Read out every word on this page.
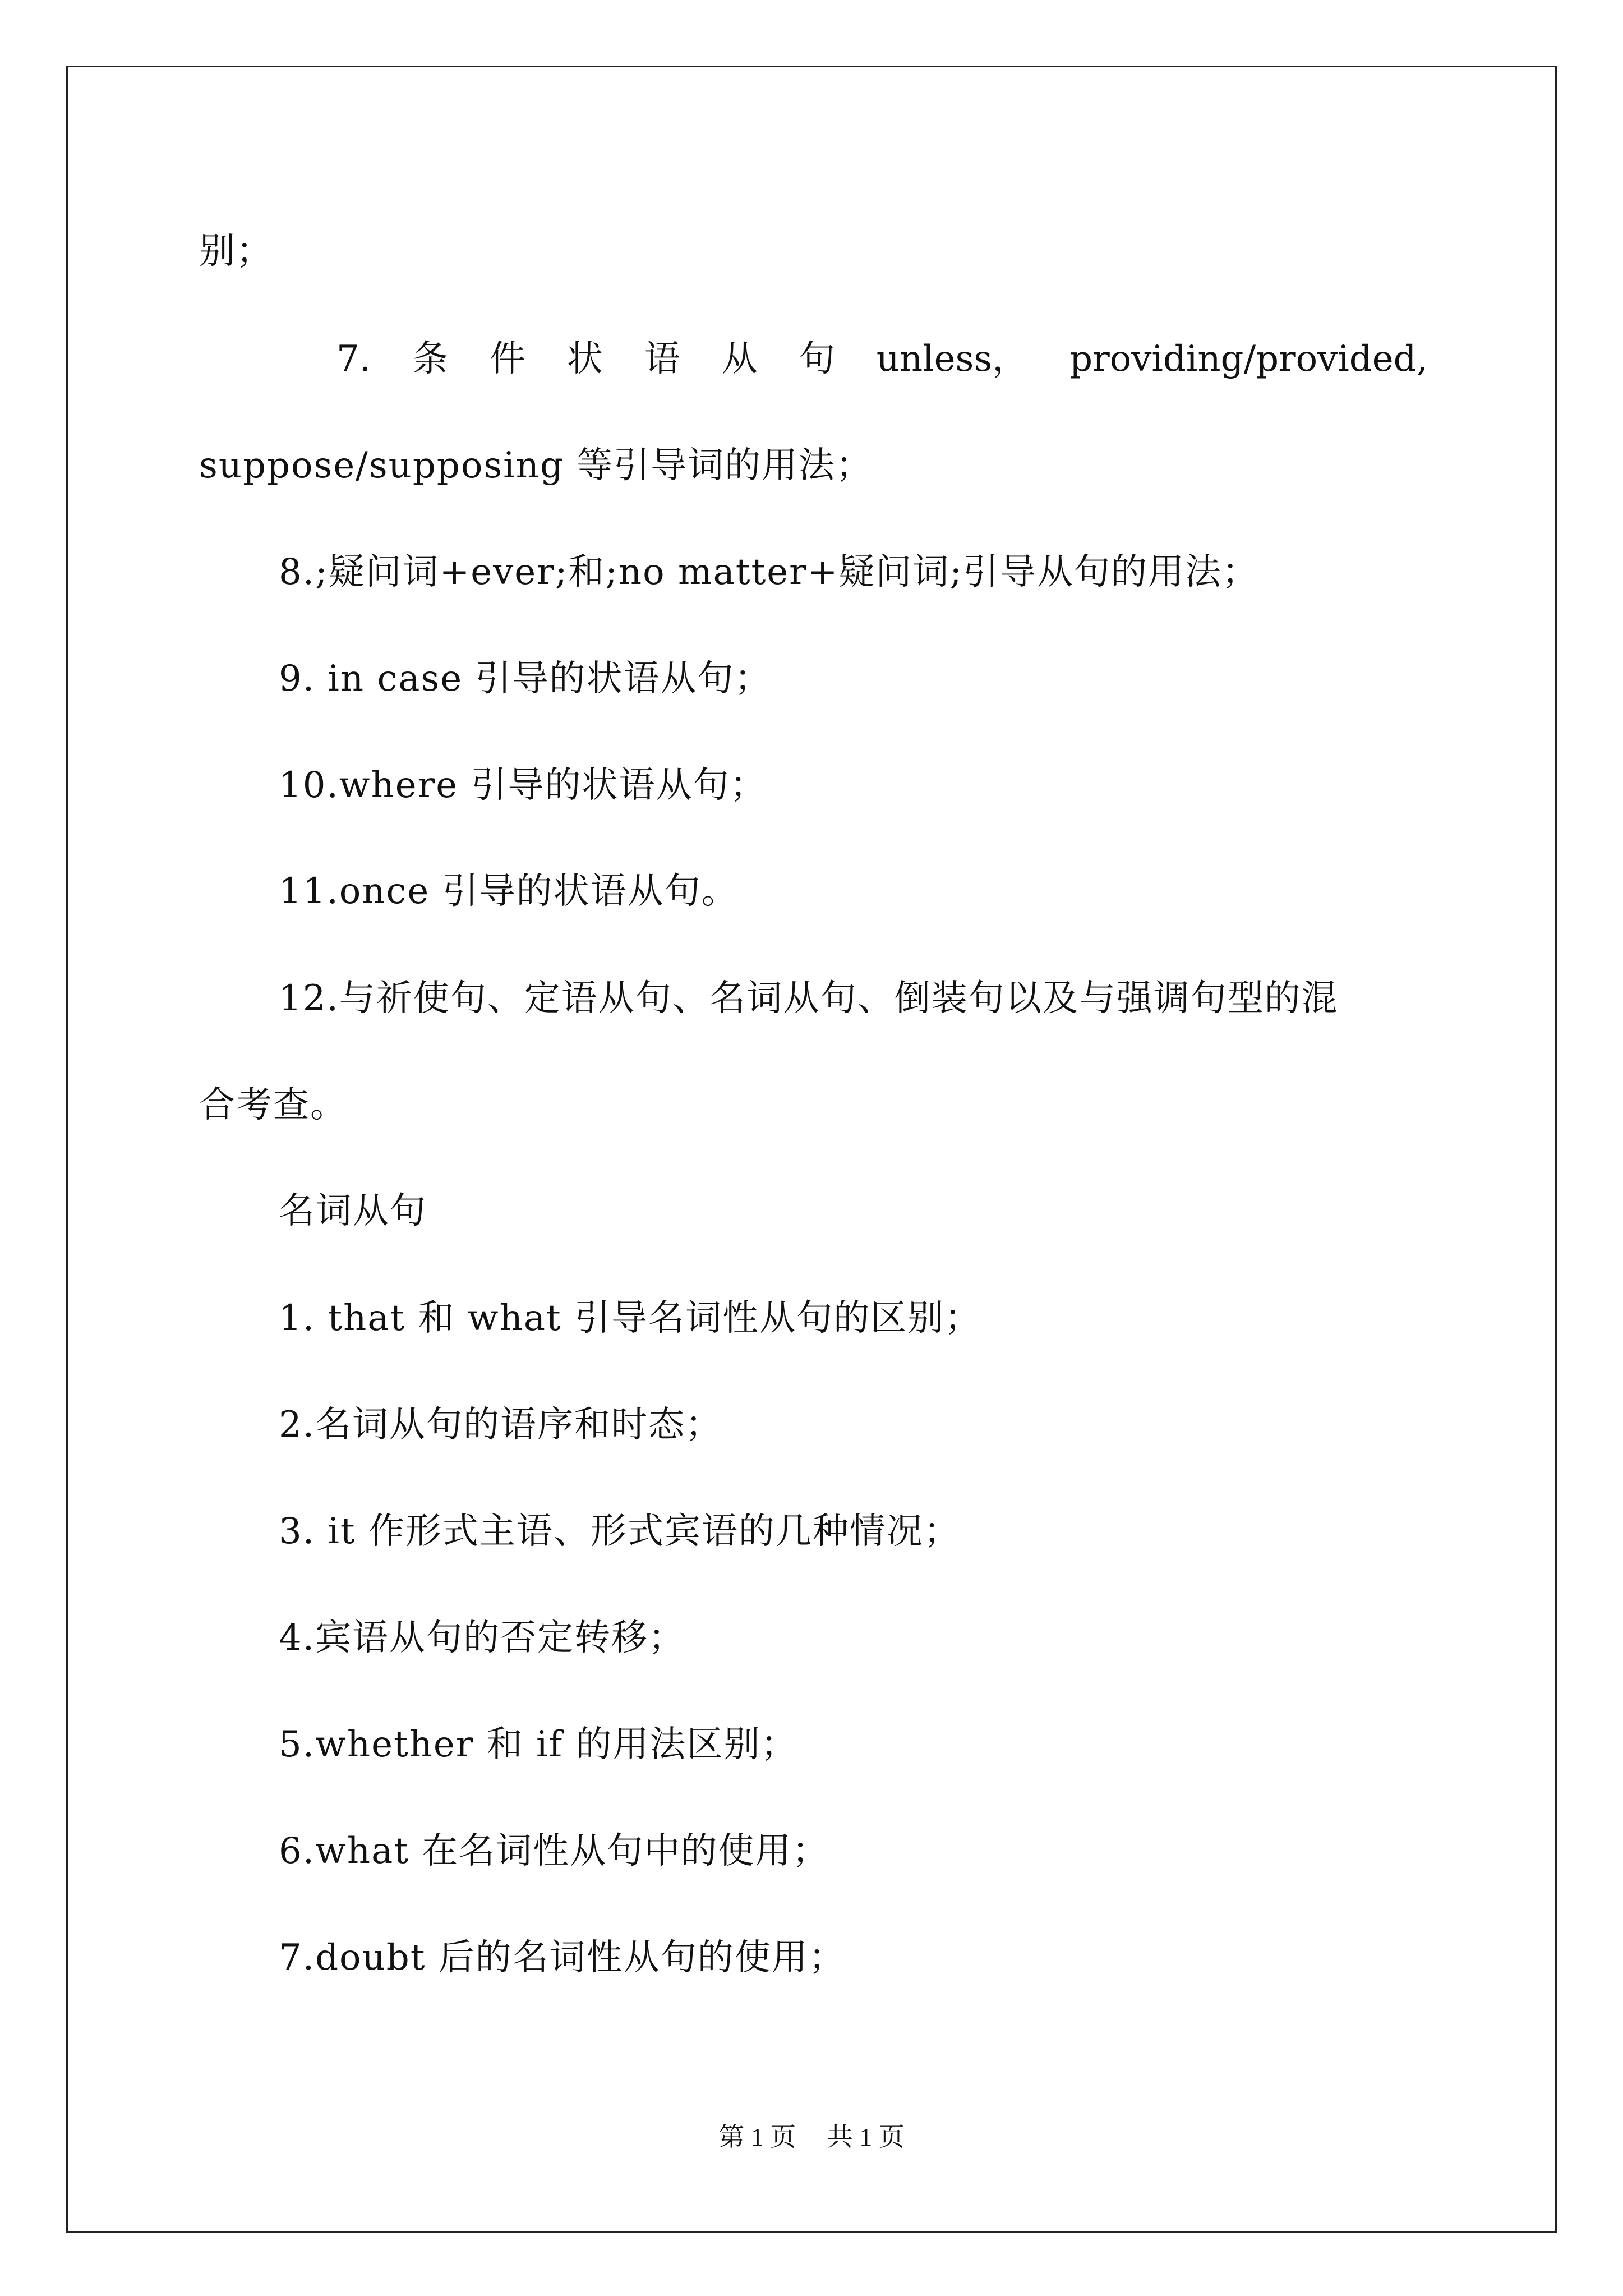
别；
7. 条 件 状 语 从 句 unless， providing/provided,
suppose/supposing 等引导词的用法；
8.;疑问词+ever;和;no matter+疑问词;引导从句的用法；
9. in case 引导的状语从句；
10.where 引导的状语从句；
11.once 引导的状语从句。
12.与祈使句、定语从句、名词从句、倒装句以及与强调句型的混
合考查。
名词从句
1. that 和 what 引导名词性从句的区别；
2.名词从句的语序和时态；
3. it 作形式主语、形式宾语的几种情况；
4.宾语从句的否定转移；
5.whether 和 if 的用法区别；
6.what 在名词性从句中的使用；
7.doubt 后的名词性从句的使用；
第 1 页 共 1 页
